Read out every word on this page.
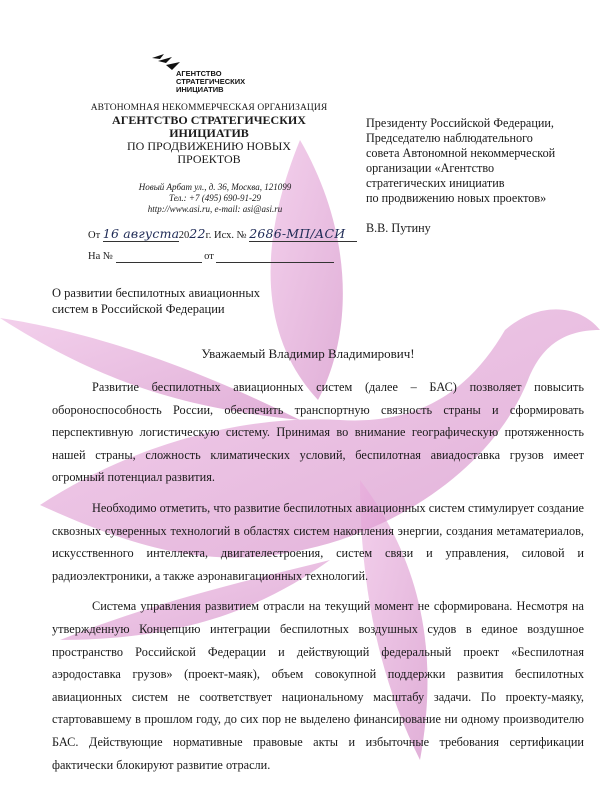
АГЕНТСТВО
СТРАТЕГИЧЕСКИХ
ИНИЦИАТИВ
АВТОНОМНАЯ НЕКОММЕРЧЕСКАЯ ОРГАНИЗАЦИЯ
АГЕНТСТВО СТРАТЕГИЧЕСКИХ
ИНИЦИАТИВ
ПО ПРОДВИЖЕНИЮ НОВЫХ
ПРОЕКТОВ
Новый Арбат ул., д. 36, Москва, 121099
Тел.: +7 (495) 690-91-29
http://www.asi.ru, e-mail: asi@asi.ru
От 16 августа2022г. Исх. № 2686-МП/АСИ
На №	от
Президенту Российской Федерации,
Председателю наблюдательного
совета Автономной некоммерческой
организации «Агентство
стратегических инициатив
по продвижению новых проектов»
В.В. Путину
О развитии беспилотных авиационных
систем в Российской Федерации
Уважаемый Владимир Владимирович!

Развитие беспилотных авиационных систем (далее – БАС) позволяет повысить обороноспособность России, обеспечить транспортную связность страны и сформировать перспективную логистическую систему. Принимая во внимание географическую протяженность нашей страны, сложность климатических условий, беспилотная авиадоставка грузов имеет огромный потенциал развития.

Необходимо отметить, что развитие беспилотных авиационных систем стимулирует создание сквозных суверенных технологий в областях систем накопления энергии, создания метаматериалов, искусственного интеллекта, двигателестроения, систем связи и управления, силовой и радиоэлектроники, а также аэронавигационных технологий.

Система управления развитием отрасли на текущий момент не сформирована. Несмотря на утвержденную Концепцию интеграции беспилотных воздушных судов в единое воздушное пространство Российской Федерации и действующий федеральный проект «Беспилотная аэродоставка грузов» (проект-маяк), объем совокупной поддержки развития беспилотных авиационных систем не соответствует национальному масштабу задачи. По проекту-маяку, стартовавшему в прошлом году, до сих пор не выделено финансирование ни одному производителю БАС. Действующие нормативные правовые акты и избыточные требования сертификации фактически блокируют развитие отрасли.
